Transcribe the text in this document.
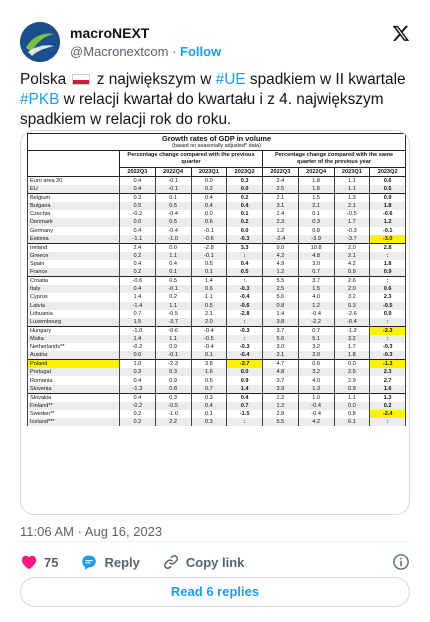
macroNEXT
@Macronextcom · Follow
Polska z największym w #UE spadkiem w II kwartale #PKB w relacji kwartał do kwartału i z 4. największym spadkiem w relacji rok do roku.
Growth rates of GDP in volume								
(based on seasonally adjusted* data)								
	Percentage change compared with the previous quarter				Percentage change compared with the same quarter of the previous year			
	2022Q3	2022Q4	2023Q1	2023Q2	2022Q3	2022Q4	2023Q1	2023Q2
Euro area 20	0.4	-0.1	0.0	0.3	2.4	1.8	1.1	0.6
EU	0.4	-0.1	0.2	0.0	2.5	1.6	1.1	0.5
Belgium	0.3	0.1	0.4	0.2	2.1	1.5	1.3	0.9
Bulgaria	0.5	0.5	0.4	0.4	3.1	2.1	2.1	1.8
Czechia	-0.2	-0.4	0.0	0.1	1.4	0.1	-0.5	-0.6
Denmark	0.0	0.5	0.6	0.2	2.3	0.3	1.7	1.2
Germany	0.4	-0.4	-0.1	0.0	1.2	0.8	-0.3	-0.1
Estonia	-1.1	-1.0	-0.6	-0.3	-2.4	-3.9	-3.7	-3.0
Ireland	2.4	0.0	-2.8	3.3	9.0	10.8	2.0	2.8
Greece	0.2	1.1	-0.1	:	4.2	4.8	2.1	:
Spain	0.4	0.4	0.5	0.4	4.9	3.0	4.2	1.8
France	0.2	0.1	0.1	0.5	1.2	0.7	0.9	0.9
Croatia	-0.6	0.5	1.4	:	5.5	3.7	2.6	:
Italy	0.4	-0.1	0.6	-0.3	2.5	1.5	2.0	0.6
Cyprus	1.4	0.2	1.1	-0.4	5.6	4.0	3.2	2.3
Latvia	-1.4	1.1	0.5	-0.6	0.8	1.2	0.3	-0.5
Lithuania	0.7	-0.5	2.1	-2.8	1.4	-0.4	-2.6	0.9
Luxembourg	1.5	-3.7	2.0	:	3.8	-2.2	-0.4	:
Hungary	-1.0	-0.6	-0.4	-0.3	3.7	0.7	-1.2	-2.3
Malta	1.4	1.1	-0.5	:	5.6	5.1	3.2	:
Netherlands**	-0.2	0.9	-0.4	-0.3	3.0	3.2	1.7	-0.3
Austria	0.0	-0.1	0.1	-0.4	2.1	2.0	1.8	-0.3
Poland	1.0	-2.3	3.8	-3.7	4.7	0.6	0.0	-1.3
Portugal	0.3	0.3	1.6	0.0	4.8	3.2	2.5	2.3
Romania	0.4	0.9	0.5	0.9	3.7	4.0	2.9	2.7
Slovenia	-1.3	0.8	0.7	1.4	3.9	1.3	0.9	1.6
Slovakia	0.4	0.3	0.3	0.4	1.2	1.0	1.1	1.3
Finland**	-0.2	-0.5	0.4	0.7	1.2	-0.4	0.0	0.2
Sweden**	0.2	-1.0	0.1	-1.5	2.8	-0.4	0.8	-2.4
Iceland***	0.2	2.2	0.3	:	5.5	4.2	6.1	:
11:06 AM · Aug 16, 2023
75	Reply	Copy link
Read 6 replies
